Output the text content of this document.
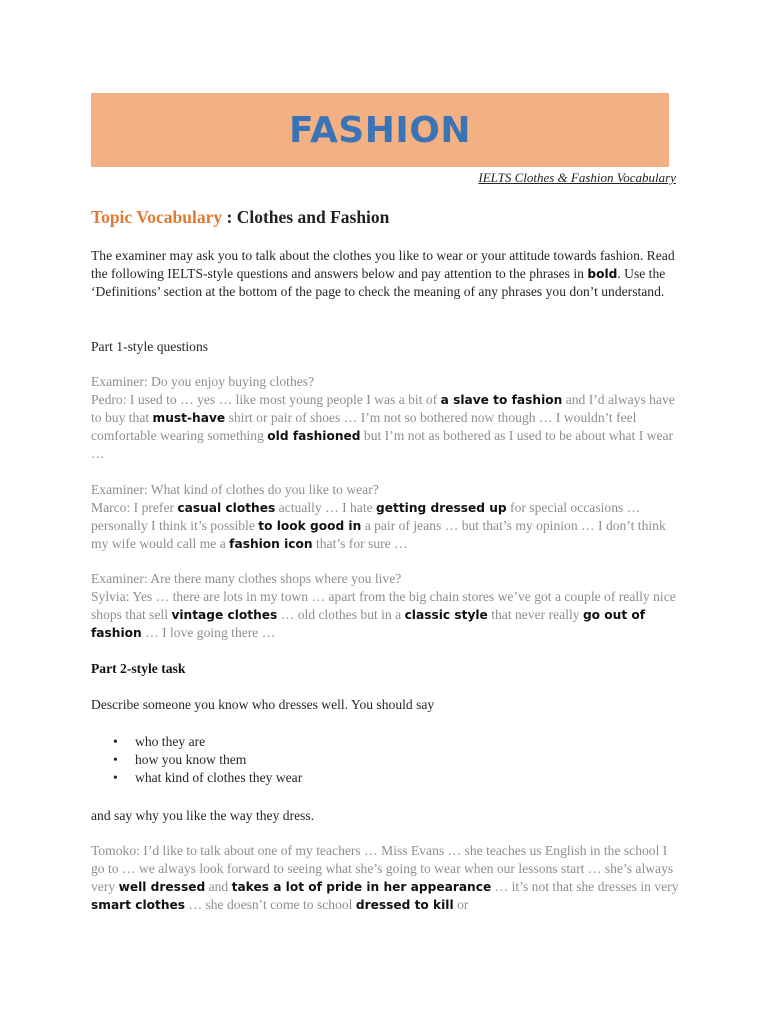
FASHION
IELTS Clothes & Fashion Vocabulary
Topic Vocabulary : Clothes and Fashion
The examiner may ask you to talk about the clothes you like to wear or your attitude towards fashion. Read the following IELTS-style questions and answers below and pay attention to the phrases in bold. Use the ‘Definitions’ section at the bottom of the page to check the meaning of any phrases you don’t understand.
Part 1-style questions
Examiner: Do you enjoy buying clothes?
Pedro: I used to … yes … like most young people I was a bit of a slave to fashion and I’d always have to buy that must-have shirt or pair of shoes … I’m not so bothered now though … I wouldn’t feel comfortable wearing something old fashioned but I’m not as bothered as I used to be about what I wear …
Examiner: What kind of clothes do you like to wear?
Marco: I prefer casual clothes actually … I hate getting dressed up for special occasions … personally I think it’s possible to look good in a pair of jeans … but that’s my opinion … I don’t think my wife would call me a fashion icon that’s for sure …
Examiner: Are there many clothes shops where you live?
Sylvia: Yes … there are lots in my town … apart from the big chain stores we’ve got a couple of really nice shops that sell vintage clothes … old clothes but in a classic style that never really go out of fashion … I love going there …
Part 2-style task
Describe someone you know who dresses well. You should say
• who they are
• how you know them
• what kind of clothes they wear
and say why you like the way they dress.
Tomoko: I’d like to talk about one of my teachers … Miss Evans … she teaches us English in the school I go to … we always look forward to seeing what she’s going to wear when our lessons start … she’s always very well dressed and takes a lot of pride in her appearance … it’s not that she dresses in very smart clothes … she doesn’t come to school dressed to kill or
